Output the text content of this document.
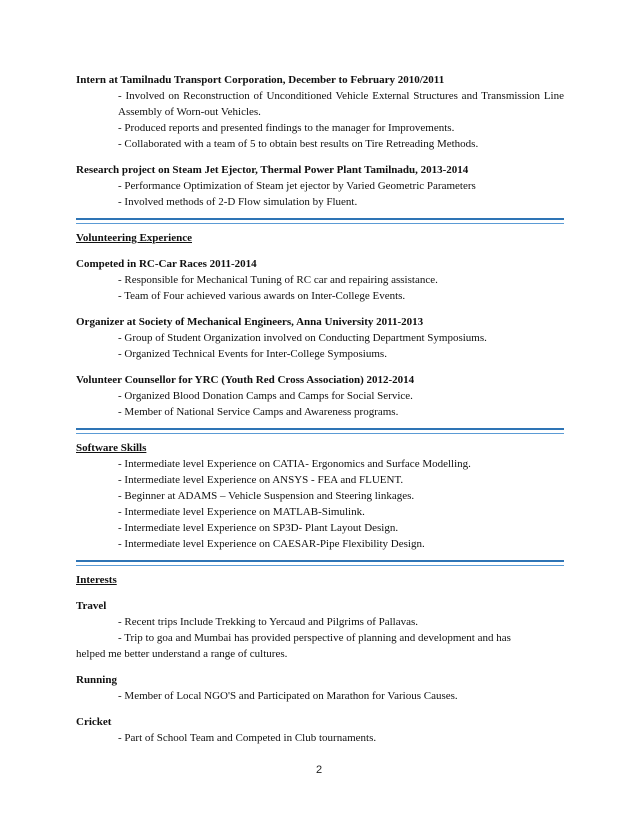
Intern at Tamilnadu Transport Corporation, December to February 2010/2011

- Involved on Reconstruction of Unconditioned Vehicle External Structures and Transmission Line Assembly of Worn-out Vehicles.

- Produced reports and presented findings to the manager for Improvements.

- Collaborated with a team of 5 to obtain best results on Tire Retreading Methods.

Research project on Steam Jet Ejector, Thermal Power Plant Tamilnadu, 2013-2014

- Performance Optimization of Steam jet ejector by Varied Geometric Parameters

- Involved methods of 2-D Flow simulation by Fluent.

Volunteering Experience

Competed in RC-Car Races 2011-2014

- Responsible for Mechanical Tuning of RC car and repairing assistance.

- Team of Four achieved various awards on Inter-College Events.

Organizer at Society of Mechanical Engineers, Anna University 2011-2013

- Group of Student Organization involved on Conducting Department Symposiums.

- Organized Technical Events for Inter-College Symposiums.

Volunteer Counsellor for YRC (Youth Red Cross Association) 2012-2014

- Organized Blood Donation Camps and Camps for Social Service.

- Member of National Service Camps and Awareness programs.

Software Skills

- Intermediate level Experience on CATIA- Ergonomics and Surface Modelling.

- Intermediate level Experience on ANSYS - FEA and FLUENT.

- Beginner at ADAMS – Vehicle Suspension and Steering linkages.

- Intermediate level Experience on MATLAB-Simulink.

- Intermediate level Experience on SP3D- Plant Layout Design.

- Intermediate level Experience on CAESAR-Pipe Flexibility Design.

Interests

Travel

- Recent trips Include Trekking to Yercaud and Pilgrims of Pallavas.

- Trip to goa and Mumbai has provided perspective of planning and development and has

helped me better understand a range of cultures.

Running

- Member of Local NGO'S and Participated on Marathon for Various Causes.

Cricket

- Part of School Team and Competed in Club tournaments.

2
